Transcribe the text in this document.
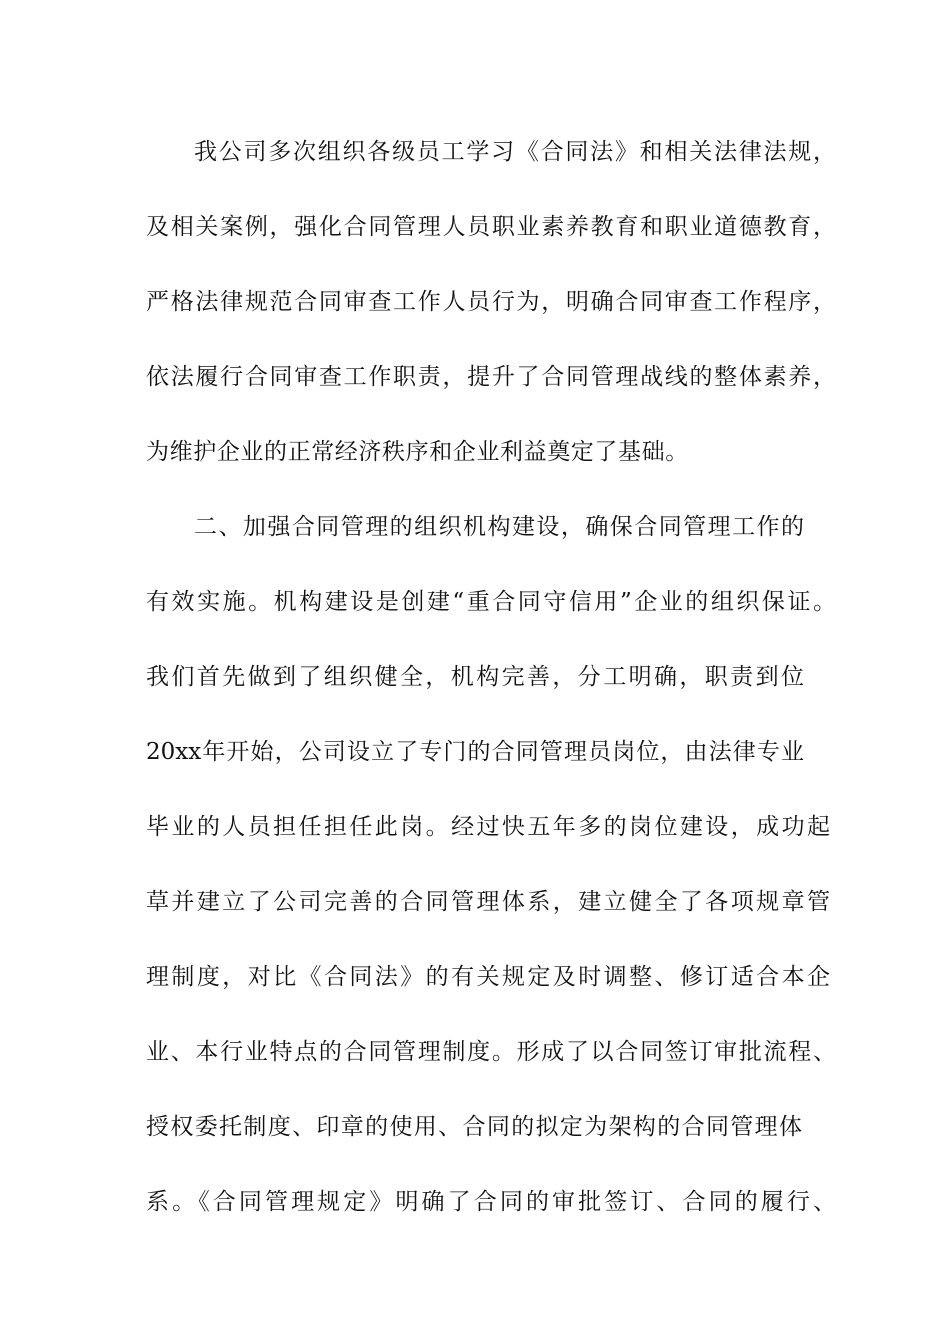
我公司多次组织各级员工学习《合同法》和相关法律法规，
及相关案例，强化合同管理人员职业素养教育和职业道德教育，
严格法律规范合同审查工作人员行为，明确合同审查工作程序，
依法履行合同审查工作职责，提升了合同管理战线的整体素养，
为维护企业的正常经济秩序和企业利益奠定了基础。
二、加强合同管理的组织机构建设，确保合同管理工作的
有效实施。机构建设是创建“重合同守信用”企业的组织保证。
我们首先做到了组织健全，机构完善，分工明确，职责到位
20xx年开始，公司设立了专门的合同管理员岗位，由法律专业
毕业的人员担任担任此岗。经过快五年多的岗位建设，成功起
草并建立了公司完善的合同管理体系，建立健全了各项规章管
理制度，对比《合同法》的有关规定及时调整、修订适合本企
业、本行业特点的合同管理制度。形成了以合同签订审批流程、
授权委托制度、印章的使用、合同的拟定为架构的合同管理体
系。《合同管理规定》明确了合同的审批签订、合同的履行、
